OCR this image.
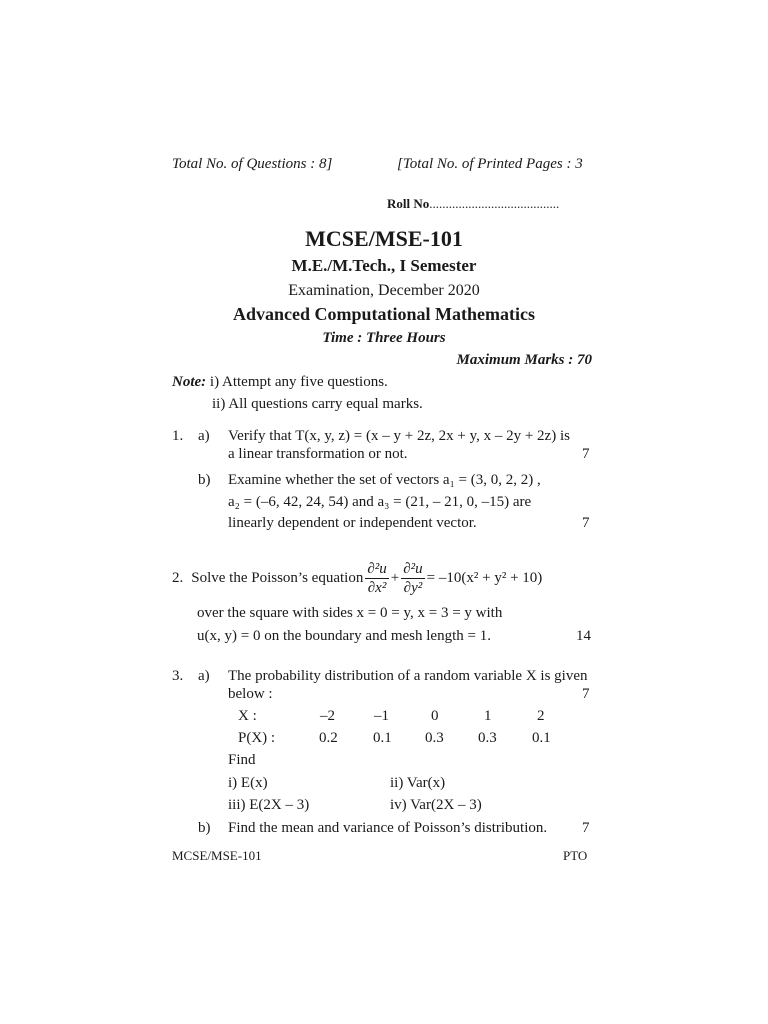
Total No. of Questions : 8]	[Total No. of Printed Pages : 3
Roll No........................................
MCSE/MSE-101
M.E./M.Tech., I Semester
Examination, December 2020
Advanced Computational Mathematics
Time : Three Hours
Maximum Marks : 70
Note: i) Attempt any five questions.
ii) All questions carry equal marks.
1. a) Verify that T(x, y, z) = (x – y + 2z, 2x + y, x – 2y + 2z) is
a linear transformation or not.	7
b) Examine whether the set of vectors a₁ = (3, 0, 2, 2) ,
a₂ = (–6, 42, 24, 54) and a₃ = (21, – 21, 0, –15) are
linearly dependent or independent vector.	7
2. Solve the Poisson’s equation $\frac{\text{∂²u}}{\text{∂x²}} + \frac{\text{∂²u}}{\text{∂y²}} = -10(x^2 + y^2 + 10)$
over the square with sides x = 0 = y, x = 3 = y with
u(x, y) = 0 on the boundary and mesh length = 1.	14
3. a) The probability distribution of a random variable X is given
below :	7
X :	–2	–1	0	1	2
P(X) :	0.2 0.1 0.3 0.3 0.1
Find
i) E(x)	ii) Var(x)
iii) E(2X – 3)	iv) Var(2X – 3)
b) Find the mean and variance of Poisson’s distribution. 7
MCSE/MSE-101	PTO
